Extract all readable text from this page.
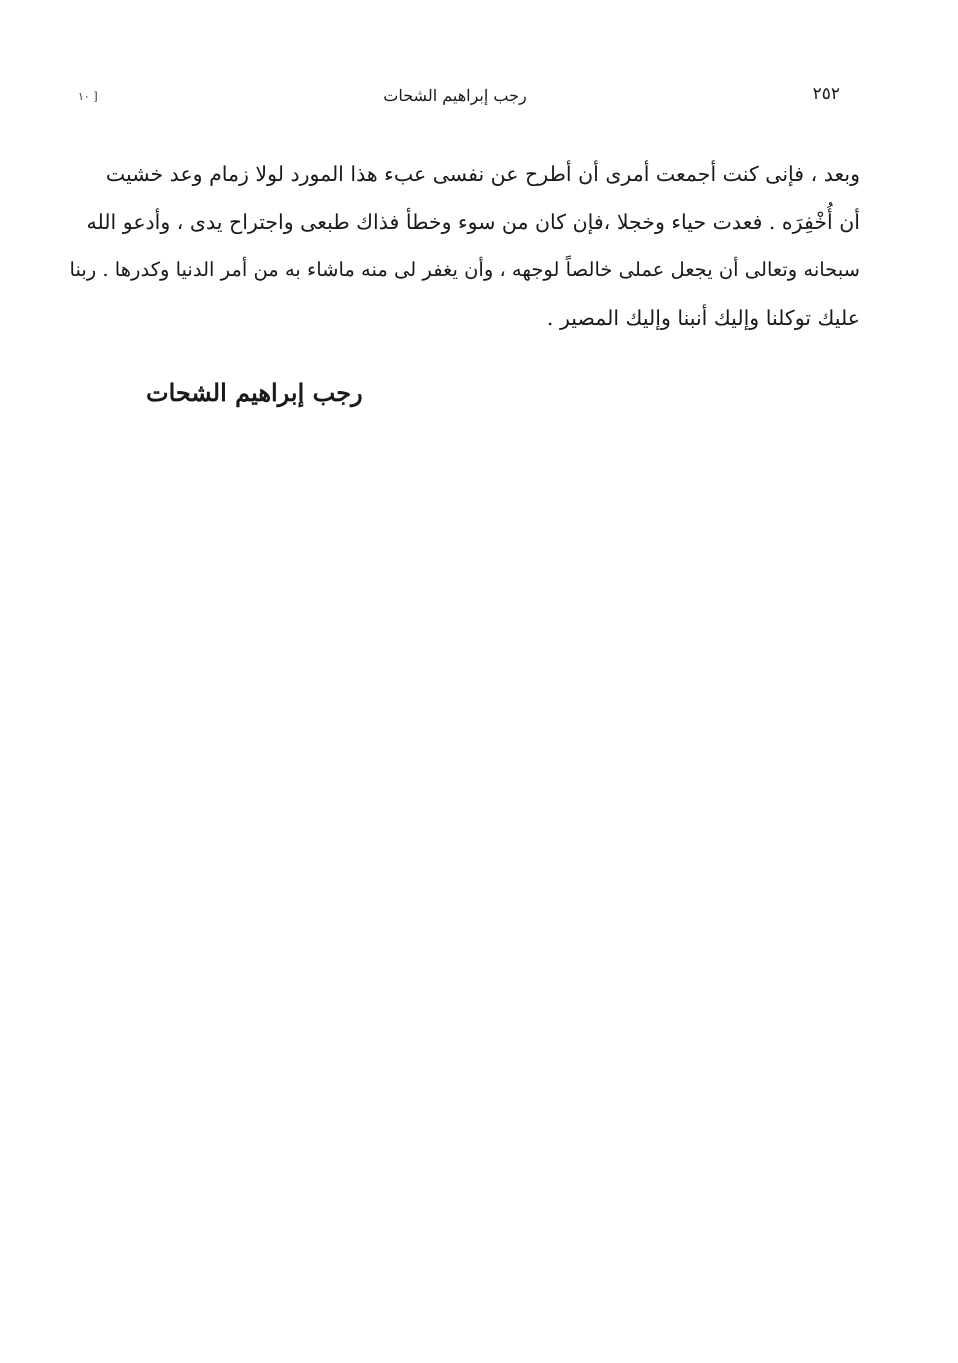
٢٥٢
رجب إبراهيم الشحات
[ ١٠
وبعد ، فإنى كنت أجمعت أمرى أن أطرح عن نفسى عبء هذا المورد لولا زمام وعد خشيت
أن أُخْفِرَه . فعدت حياء وخجلا ،فإن كان من سوء وخطأ فذاك طبعى واجتراح يدى ، وأدعو الله
سبحانه وتعالى أن يجعل عملى خالصاً لوجهه ، وأن يغفر لى منه ماشاء به من أمر الدنيا وكدرها . ربنا
عليك توكلنا وإليك أنبنا وإليك المصير .
رجب إبراهيم الشحات
